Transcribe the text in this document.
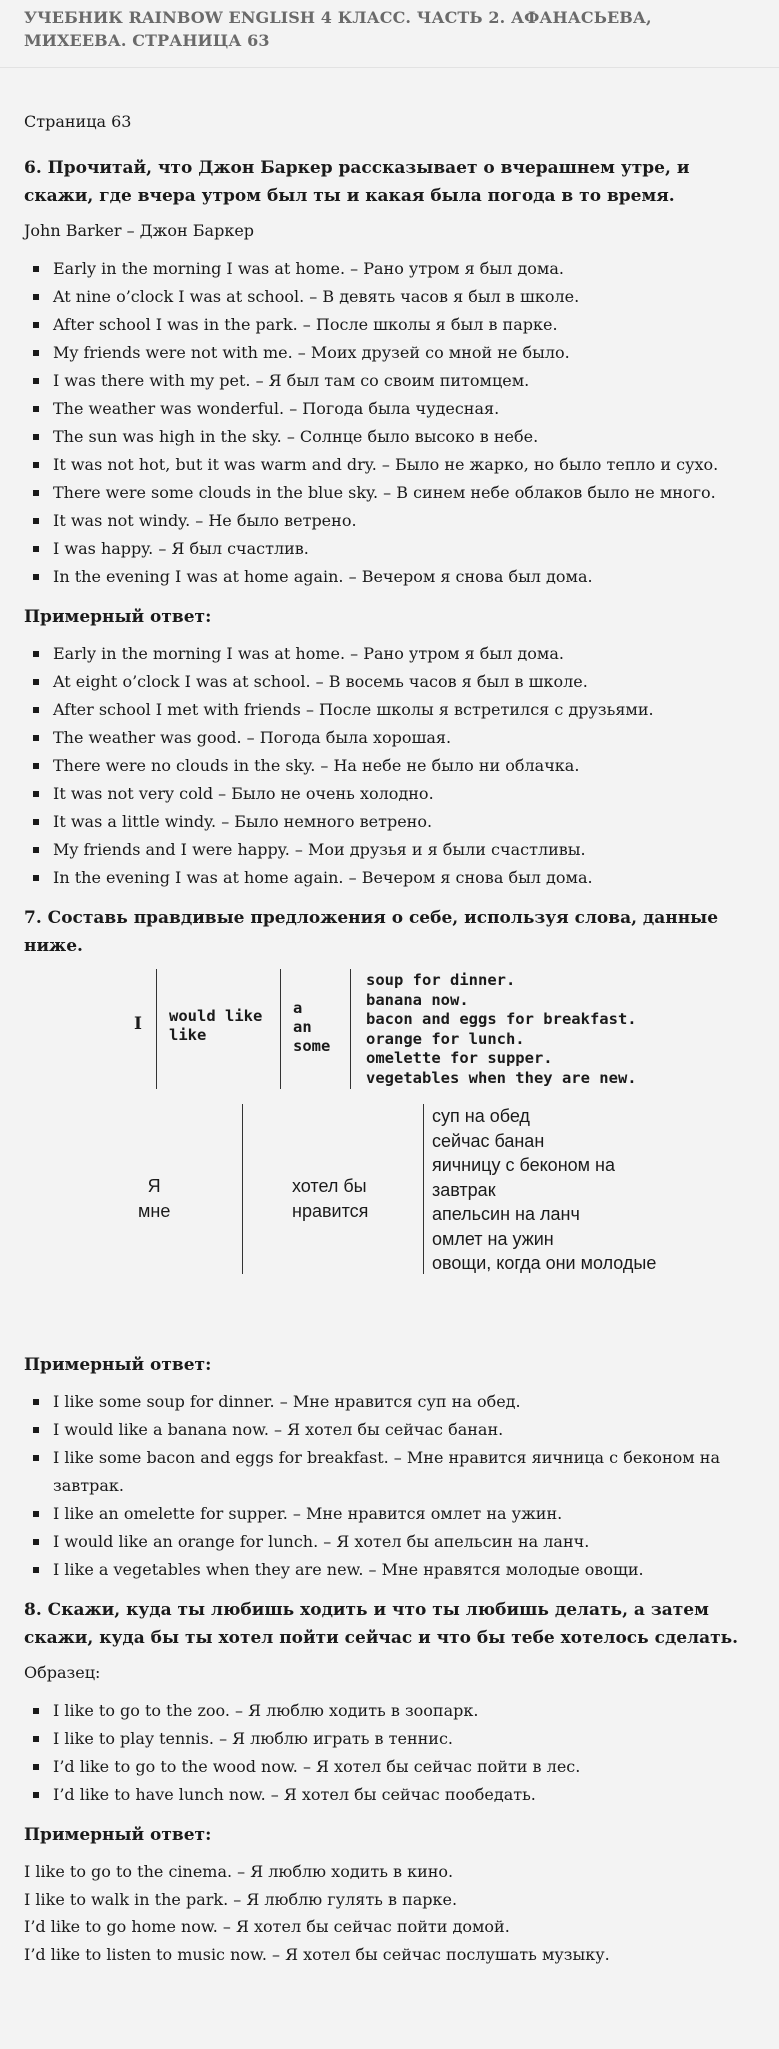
УЧЕБНИК RAINBOW ENGLISH 4 КЛАСС. ЧАСТЬ 2. АФАНАСЬЕВА, МИХЕЕВА. СТРАНИЦА 63
Страница 63
6. Прочитай, что Джон Баркер рассказывает о вчерашнем утре, и скажи, где вчера утром был ты и какая была погода в то время.
John Barker – Джон Баркер
Early in the morning I was at home. – Рано утром я был дома.
At nine o’clock I was at school. – В девять часов я был в школе.
After school I was in the park. – После школы я был в парке.
My friends were not with me. – Моих друзей со мной не было.
I was there with my pet. – Я был там со своим питомцем.
The weather was wonderful. – Погода была чудесная.
The sun was high in the sky. – Солнце было высоко в небе.
It was not hot, but it was warm and dry. – Было не жарко, но было тепло и сухо.
There were some clouds in the blue sky. – В синем небе облаков было не много.
It was not windy. – Не было ветрено.
I was happy. – Я был счастлив.
In the evening I was at home again. – Вечером я снова был дома.
Примерный ответ:
Early in the morning I was at home. – Рано утром я был дома.
At eight o’clock I was at school. – В восемь часов я был в школе.
After school I met with friends – После школы я встретился с друзьями.
The weather was good. – Погода была хорошая.
There were no clouds in the sky. – На небе не было ни облачка.
It was not very cold – Было не очень холодно.
It was a little windy. – Было немного ветрено.
My friends and I were happy. – Мои друзья и я были счастливы.
In the evening I was at home again. – Вечером я снова был дома.
7. Составь правдивые предложения о себе, используя слова, данные ниже.
I would like
like
a
an
some
soup for dinner.
banana now.
bacon and eggs for breakfast.
orange for lunch.
omelette for supper.
vegetables when they are new.
Я
мне
хотел бы
нравится
суп на обед
сейчас банан
яичницу с беконом на
завтрак
апельсин на ланч
омлет на ужин
овощи, когда они молодые
Примерный ответ:
I like some soup for dinner. – Мне нравится суп на обед.
I would like a banana now. – Я хотел бы сейчас банан.
I like some bacon and eggs for breakfast. – Мне нравится яичница с беконом на завтрак.
I like an omelette for supper. – Мне нравится омлет на ужин.
I would like an orange for lunch. – Я хотел бы апельсин на ланч.
I like a vegetables when they are new. – Мне нравятся молодые овощи.
8. Скажи, куда ты любишь ходить и что ты любишь делать, а затем скажи, куда бы ты хотел пойти сейчас и что бы тебе хотелось сделать.
Образец:
I like to go to the zoo. – Я люблю ходить в зоопарк.
I like to play tennis. – Я люблю играть в теннис.
I’d like to go to the wood now. – Я хотел бы сейчас пойти в лес.
I’d like to have lunch now. – Я хотел бы сейчас пообедать.
Примерный ответ:
I like to go to the cinema. – Я люблю ходить в кино.
I like to walk in the park. – Я люблю гулять в парке.
I’d like to go home now. – Я хотел бы сейчас пойти домой.
I’d like to listen to music now. – Я хотел бы сейчас послушать музыку.
